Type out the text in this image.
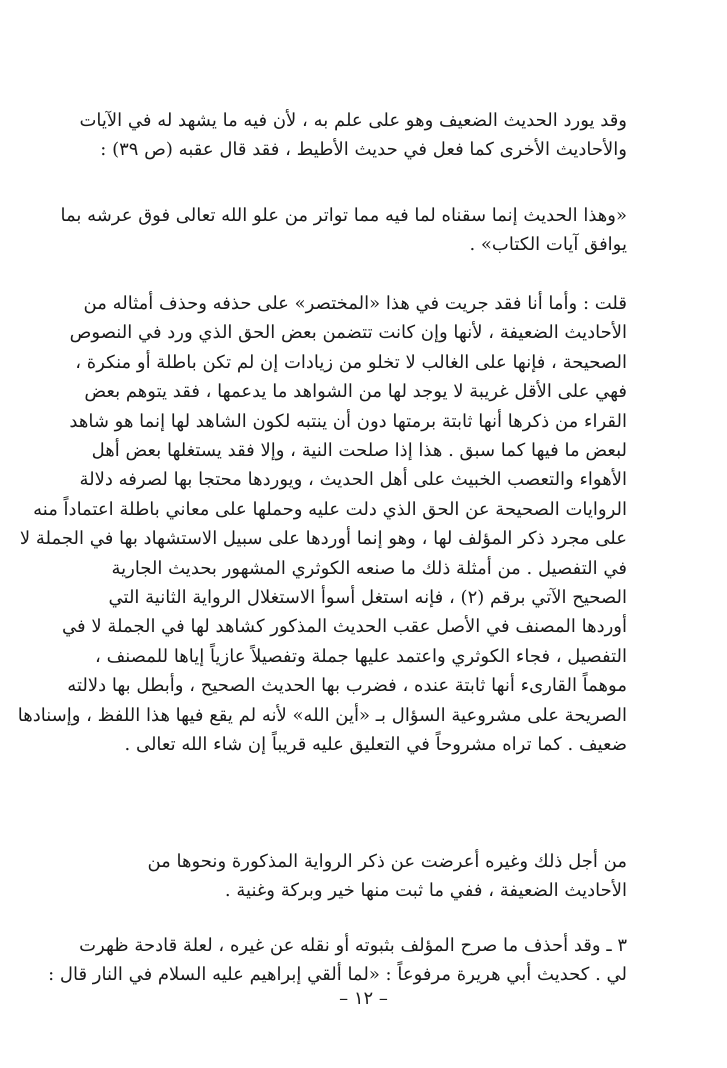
وقد يورد الحديث الضعيف وهو على علم به ، لأن فيه ما يشهد له في الآيات

والأحاديث الأخرى كما فعل في حديث الأطيط ، فقد قال عقبه (ص ٣٩) :

«وهذا الحديث إنما سقناه لما فيه مما تواتر من علو الله تعالى فوق عرشه بما

يوافق آيات الكتاب» .

قلت : وأما أنا فقد جريت في هذا «المختصر» على حذفه وحذف أمثاله من

الأحاديث الضعيفة ، لأنها وإن كانت تتضمن بعض الحق الذي ورد في النصوص

الصحيحة ، فإنها على الغالب لا تخلو من زيادات إن لم تكن باطلة أو منكرة ،

فهي على الأقل غريبة لا يوجد لها من الشواهد ما يدعمها ، فقد يتوهم بعض

القراء من ذكرها أنها ثابتة برمتها دون أن ينتبه لكون الشاهد لها إنما هو شاهد

لبعض ما فيها كما سبق . هذا إذا صلحت النية ، وإلا فقد يستغلها بعض أهل

الأهواء والتعصب الخبيث على أهل الحديث ، ويوردها محتجا بها لصرفه دلالة

الروايات الصحيحة عن الحق الذي دلت عليه وحملها على معاني باطلة اعتماداً منه

على مجرد ذكر المؤلف لها ، وهو إنما أوردها على سبيل الاستشهاد بها في الجملة لا

في التفصيل . من أمثلة ذلك ما صنعه الكوثري المشهور بحديث الجارية

الصحيح الآتي برقم (٢) ، فإنه استغل أسوأ الاستغلال الرواية الثانية التي

أوردها المصنف في الأصل عقب الحديث المذكور كشاهد لها في الجملة لا في

التفصيل ، فجاء الكوثري واعتمد عليها جملة وتفصيلاً عازياً إياها للمصنف ،

موهماً القارىء أنها ثابتة عنده ، فضرب بها الحديث الصحيح ، وأبطل بها دلالته

الصريحة على مشروعية السؤال بـ «أين الله» لأنه لم يقع فيها هذا اللفظ ، وإسنادها

ضعيف . كما تراه مشروحاً في التعليق عليه قريباً إن شاء الله تعالى .

من أجل ذلك وغيره أعرضت عن ذكر الرواية المذكورة ونحوها من

الأحاديث الضعيفة ، ففي ما ثبت منها خير وبركة وغنية .

٣ ـ وقد أحذف ما صرح المؤلف بثبوته أو نقله عن غيره ، لعلة قادحة ظهرت

لي . كحديث أبي هريرة مرفوعاً : «لما ألقي إبراهيم عليه السلام في النار قال :

– ١٢ –
